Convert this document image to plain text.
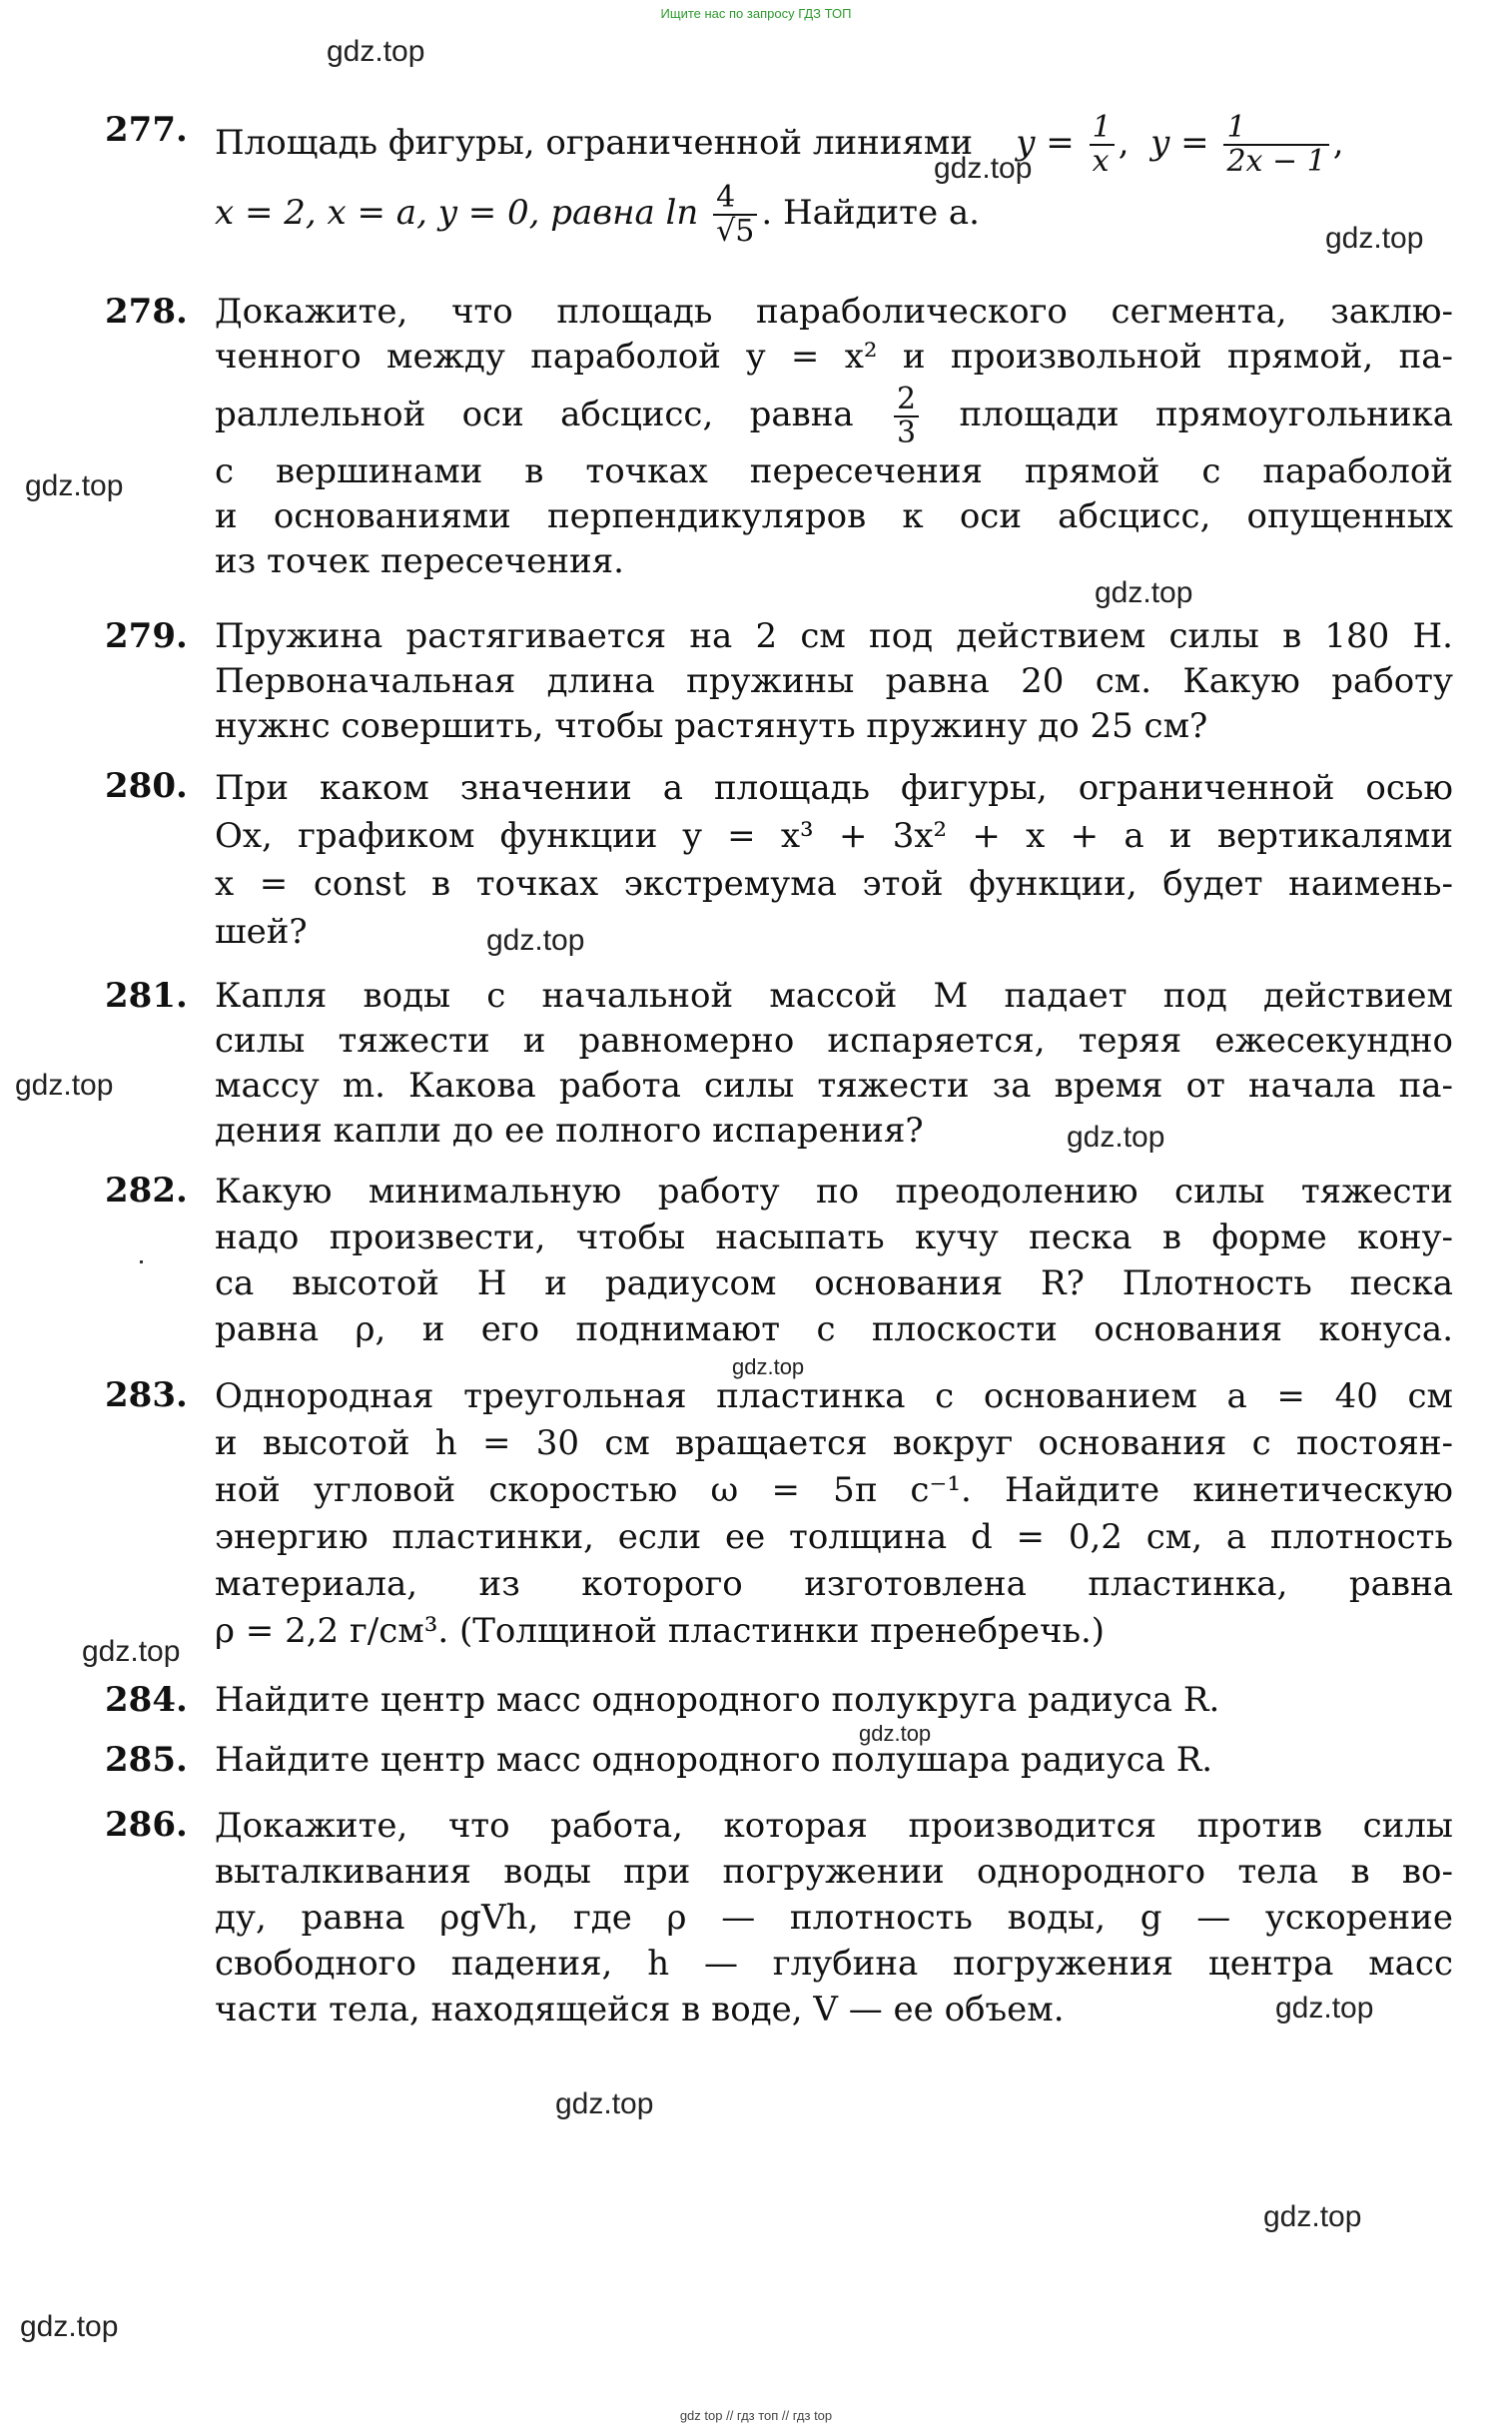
Ищите нас по запросу ГДЗ ТОП
gdz.top
gdz.top
gdz.top
gdz.top
gdz.top
gdz.top
gdz.top
gdz.top
gdz.top
gdz.top
gdz.top
gdz.top
gdz.top
gdz.top
gdz.top
277. Площадь фигуры, ограниченной линиями $y = \frac{1}{x}$ ,  $y = \frac{1}{2x - 1}$ ,
x = 2, x = a, y = 0, равна $\ln \frac{4}{√5}$ . Найдите a.
278. Докажите, что площадь параболического сегмента, заклю-
ченного между параболой y = x² и произвольной прямой, па-
раллельной оси абсцисс, равна $\frac{2}{3}$ площади прямоугольника
с вершинами в точках пересечения прямой с параболой
и основаниями перпендикуляров к оси абсцисс, опущенных
из точек пересечения.
279. Пружина растягивается на 2 см под действием силы в 180 Н.
Первоначальная длина пружины равна 20 см. Какую работу
нужнс совершить, чтобы растянуть пружину до 25 см?
280. При каком значении a площадь фигуры, ограниченной осью
Ox, графиком функции y = x³ + 3x² + x + a и вертикалями
x = const в точках экстремума этой функции, будет наимень-
шей?
281. Капля воды с начальной массой M падает под действием
силы тяжести и равномерно испаряется, теряя ежесекундно
массу m. Какова работа силы тяжести за время от начала па-
дения капли до ее полного испарения?
282. Какую минимальную работу по преодолению силы тяжести
надо произвести, чтобы насыпать кучу песка в форме кону-
са высотой H и радиусом основания R? Плотность песка
равна ρ, и его поднимают с плоскости основания конуса.
283. Однородная треугольная пластинка с основанием a = 40 см
и высотой h = 30 см вращается вокруг основания с постоян-
ной угловой скоростью ω = 5π с⁻¹. Найдите кинетическую
энергию пластинки, если ее толщина d = 0,2 см, а плотность
материала, из которого изготовлена пластинка, равна
ρ = 2,2 г/см³. (Толщиной пластинки пренебречь.)
284. Найдите центр масс однородного полукруга радиуса R.
285. Найдите центр масс однородного полушара радиуса R.
286. Докажите, что работа, которая производится против силы
выталкивания воды при погружении однородного тела в во-
ду, равна ρgVh, где ρ — плотность воды, g — ускорение
свободного падения, h — глубина погружения центра масс
части тела, находящейся в воде, V — ее объем.
gdz top // гдз топ // гдз top
